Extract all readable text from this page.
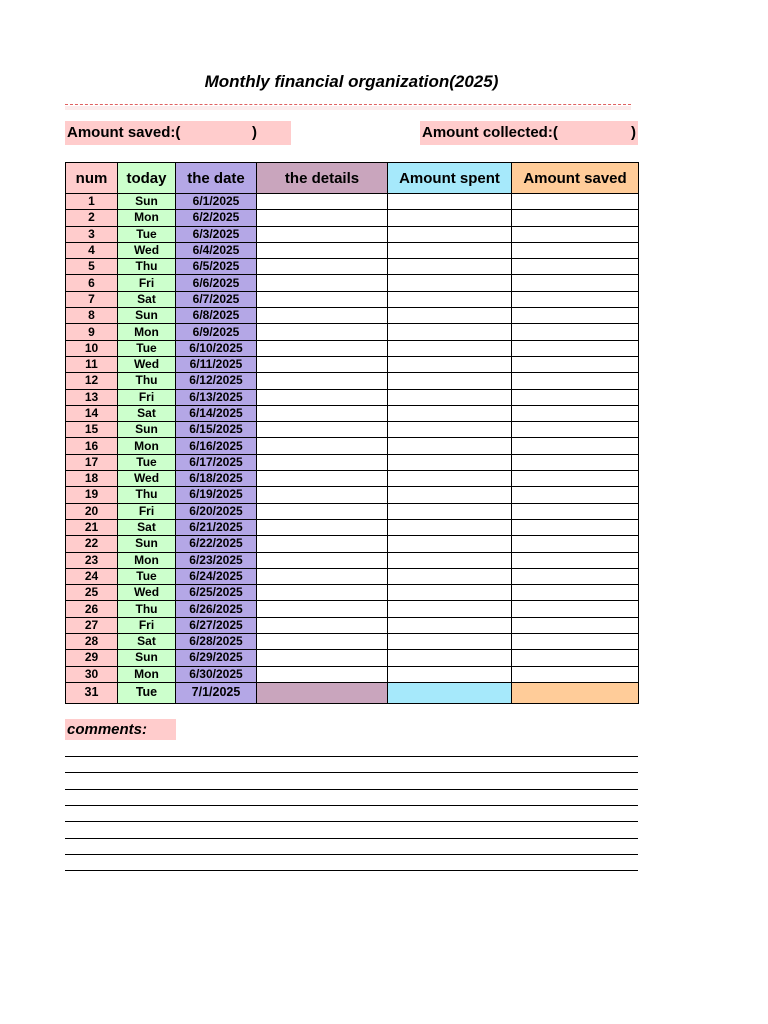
Monthly financial organization(2025)
Amount saved:(
	)	Amount collected:(	)
num	today	the date	the details	Amount spent	Amount saved
1	Sun	6/1/2025			
2	Mon	6/2/2025			
3	Tue	6/3/2025			
4	Wed	6/4/2025			
5	Thu	6/5/2025			
6	Fri	6/6/2025			
7	Sat	6/7/2025			
8	Sun	6/8/2025			
9	Mon	6/9/2025			
10	Tue	6/10/2025			
11	Wed	6/11/2025			
12	Thu	6/12/2025			
13	Fri	6/13/2025			
14	Sat	6/14/2025			
15	Sun	6/15/2025			
16	Mon	6/16/2025			
17	Tue	6/17/2025			
18	Wed	6/18/2025			
19	Thu	6/19/2025			
20	Fri	6/20/2025			
21	Sat	6/21/2025			
22	Sun	6/22/2025			
23	Mon	6/23/2025			
24	Tue	6/24/2025			
25	Wed	6/25/2025			
26	Thu	6/26/2025			
27	Fri	6/27/2025			
28	Sat	6/28/2025			
29	Sun	6/29/2025			
30	Mon	6/30/2025			
31	Tue	7/1/2025			
comments:
